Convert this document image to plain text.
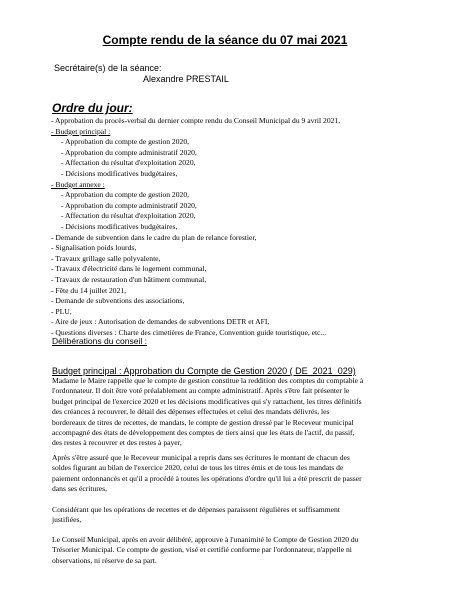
Compte rendu de la séance du 07 mai 2021
Secrétaire(s) de la séance:
Alexandre PRESTAIL
Ordre du jour:
- Approbation du procès-verbal du dernier compte rendu du Conseil Municipal du 9 avril 2021,
- Budget principal :
- Approbation du compte de gestion 2020,
- Approbation du compte administratif 2020,
- Affectation du résultat d'exploitation 2020,
- Décisions modificatives budgétaires,
- Budget annexe :
- Approbation du compte de gestion 2020,
- Approbation du compte administratif 2020,
- Affectation du résultat d'exploitation 2020,
- Décisions modificatives budgétaires,
- Demande de subvention dans le cadre du plan de relance forestier,
- Signalisation poids lourds,
- Travaux grillage salle polyvalente,
- Travaux d'électricité dans le logement communal,
- Travaux de restauration d'un bâtiment communal,
- Fête du 14 juillet 2021,
- Demande de subventions des associations,
- PLU,
- Aire de jeux : Autorisation de demandes de subventions DETR et AFI,
- Questions diverses : Charte des cimetières de France, Convention guide touristique, etc...
Délibérations du conseil :
Budget principal : Approbation du Compte de Gestion 2020 ( DE_2021_029)
Madame le Maire rappelle que le compte de gestion constitue la reddition des comptes du comptable à
l'ordonnateur. Il doit être voté préalablement au compte administratif. Après s'être fait présenter le
budget principal de l'exercice 2020 et les décisions modificatives qui s'y rattachent, les titres définitifs
des créances à recouvrer, le détail des dépenses effectuées et celui des mandats délivrés, les
bordereaux de titres de recettes, de mandats, le compte de gestion dressé par le Receveur municipal
accompagné des états de développement des comptes de tiers ainsi que les états de l'actif, du passif,
des restes à recouvrer et des restes à payer,
Après s'être assuré que le Receveur municipal a repris dans ses écritures le montant de chacun des
soldes figurant au bilan de l'exercice 2020, celui de tous les titres émis et de tous les mandats de
paiement ordonnancés et qu'il a procédé à toutes les opérations d'ordre qu'il lui a été prescrit de passer
dans ses écritures,
Considérant que les opérations de recettes et de dépenses paraissent régulières et suffisamment
justifiées,
Le Conseil Municipal, après en avoir délibéré, approuve à l'unanimité le Compte de Gestion 2020 du
Trésorier Municipal. Ce compte de gestion, visé et certifié conforme par l'ordonnateur, n'appelle ni
observations, ni réserve de sa part.
